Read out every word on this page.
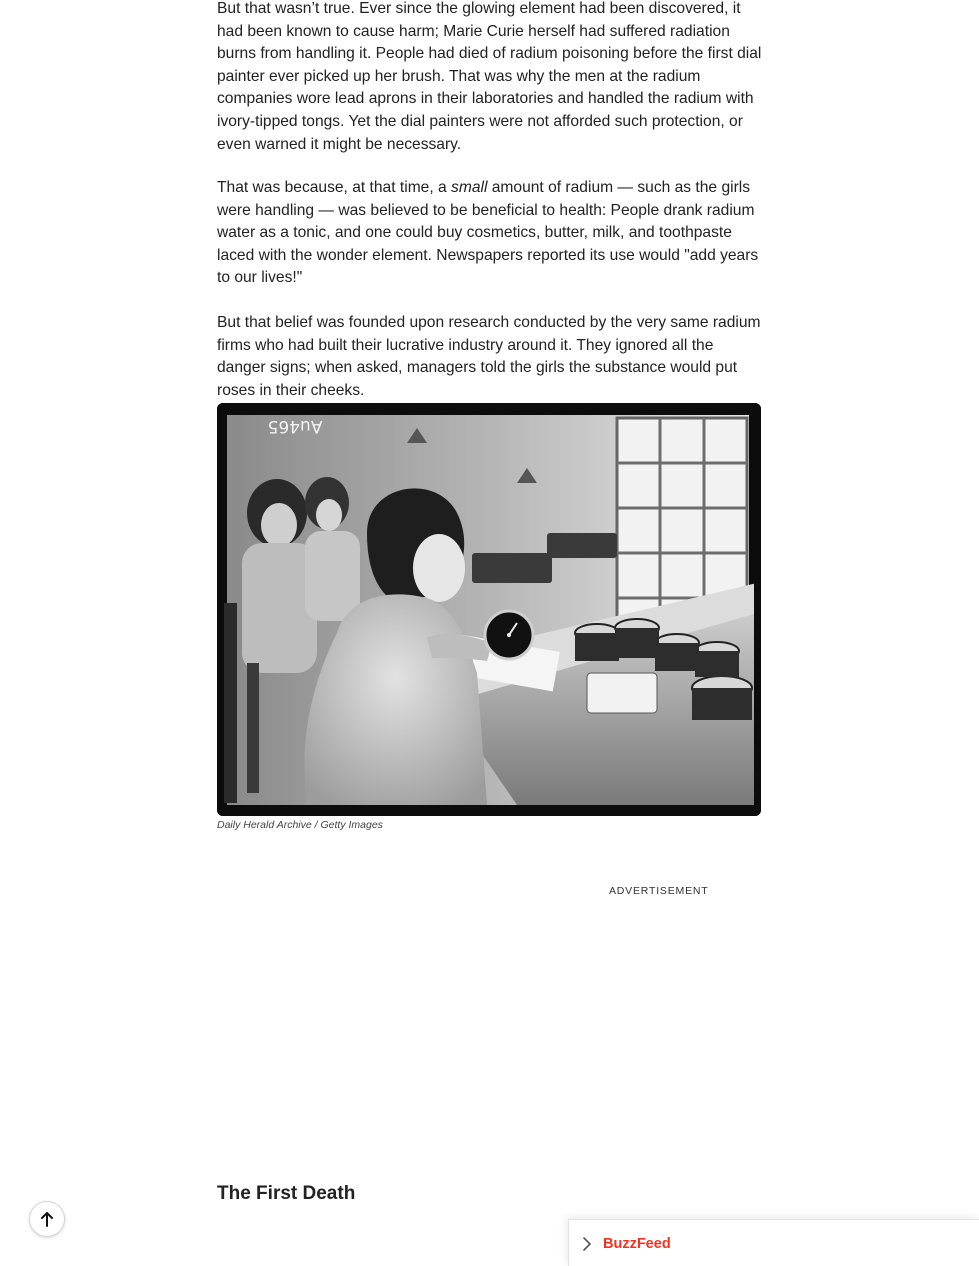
But that wasn’t true. Ever since the glowing element had been discovered, it had been known to cause harm; Marie Curie herself had suffered radiation burns from handling it. People had died of radium poisoning before the first dial painter ever picked up her brush. That was why the men at the radium companies wore lead aprons in their laboratories and handled the radium with ivory-tipped tongs. Yet the dial painters were not afforded such protection, or even warned it might be necessary.

That was because, at that time, a small amount of radium — such as the girls were handling — was believed to be beneficial to health: People drank radium water as a tonic, and one could buy cosmetics, butter, milk, and toothpaste laced with the wonder element. Newspapers reported its use would "add years to our lives!"

But that belief was founded upon research conducted by the very same radium firms who had built their lucrative industry around it. They ignored all the danger signs; when asked, managers told the girls the substance would put roses in their cheeks.

Au465
Daily Herald Archive / Getty Images
ADVERTISEMENT
The First Death
BuzzFeed
